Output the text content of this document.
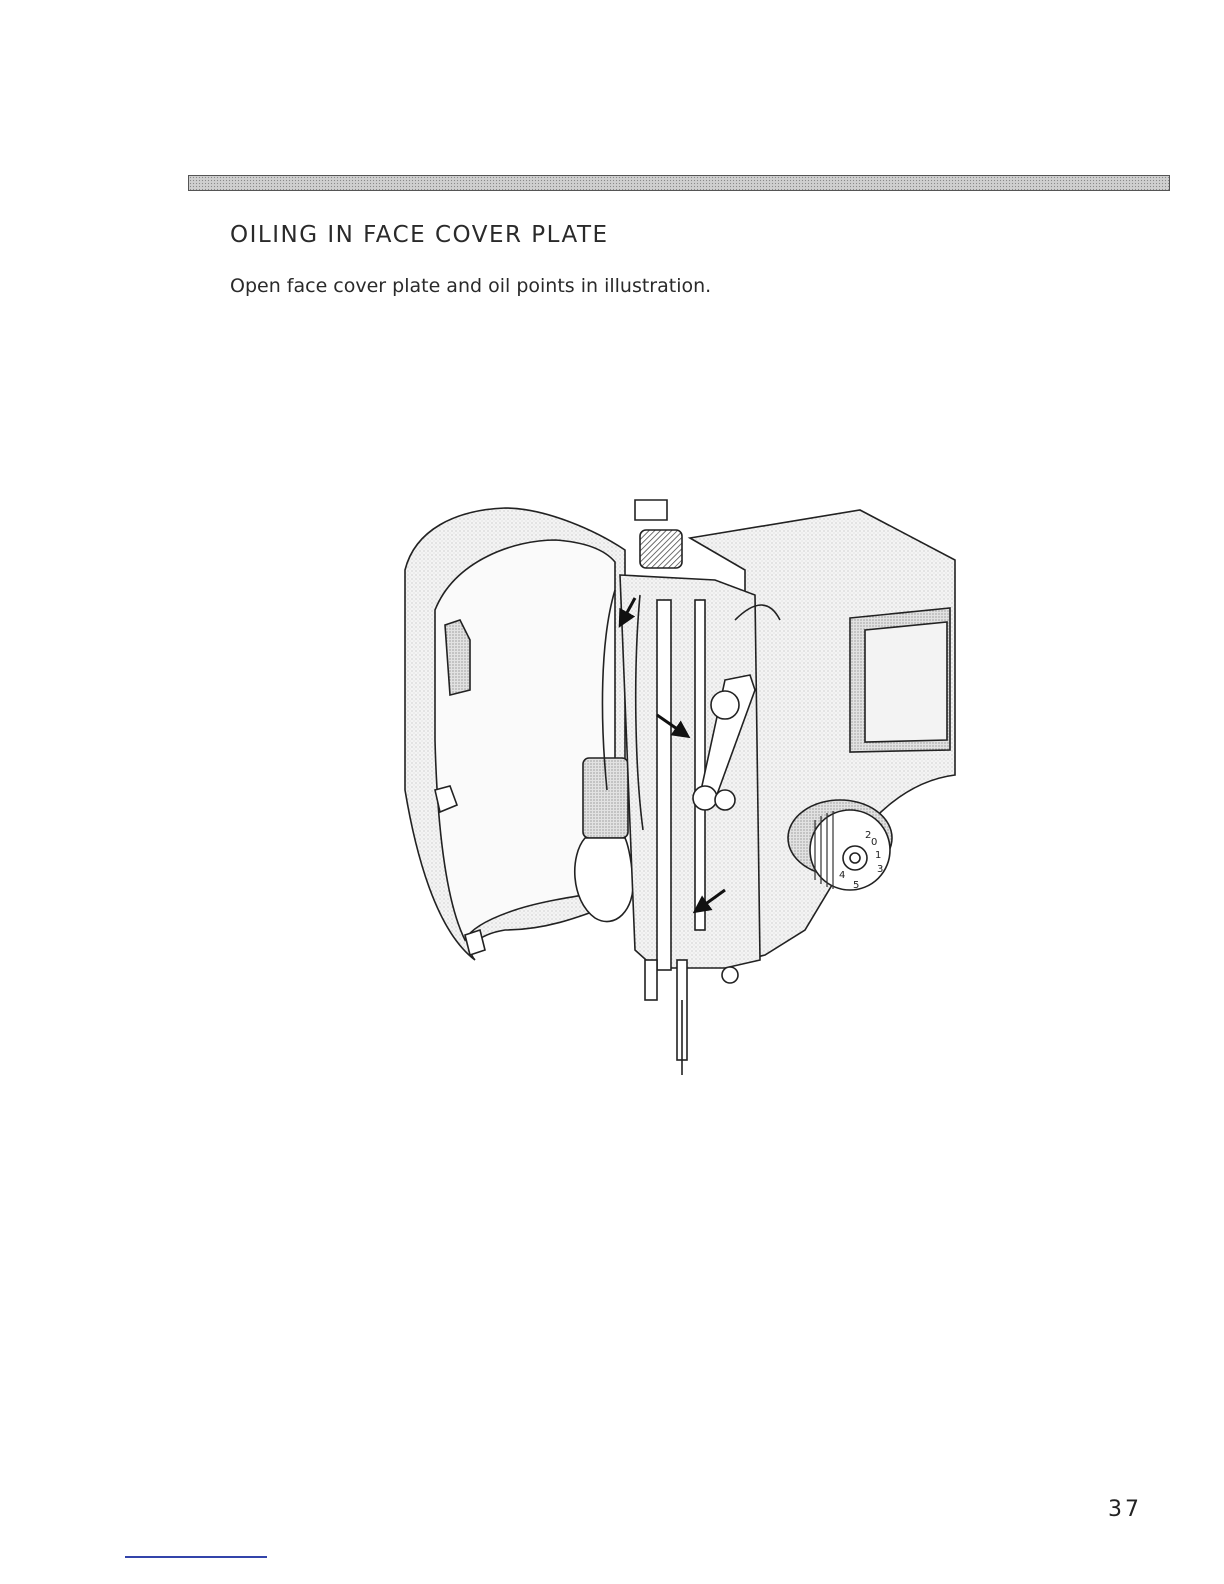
OILING IN FACE COVER PLATE

Open face cover plate and oil points in illustration.

0
1
2
3
4
5
37
